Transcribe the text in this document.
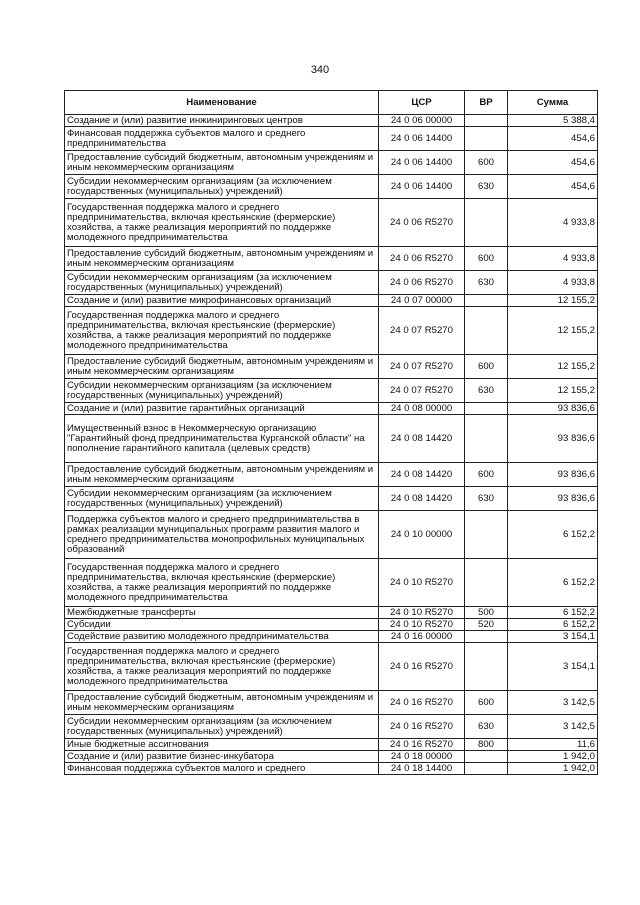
340
Наименование	ЦСР	ВР	Сумма
Создание и (или) развитие инжиниринговых центров	24 0 06 00000		5 388,4
Финансовая поддержка субъектов малого и среднего предпринимательства	24 0 06 14400		454,6
Предоставление субсидий бюджетным, автономным учреждениям и иным некоммерческим организациям	24 0 06 14400	600	454,6
Субсидии некоммерческим организациям (за исключением государственных (муниципальных) учреждений)	24 0 06 14400	630	454,6
Государственная поддержка малого и среднего предпринимательства, включая крестьянские (фермерские) хозяйства, а также реализация мероприятий по поддержке молодежного предпринимательства	24 0 06 R5270		4 933,8
Предоставление субсидий бюджетным, автономным учреждениям и иным некоммерческим организациям	24 0 06 R5270	600	4 933,8
Субсидии некоммерческим организациям (за исключением государственных (муниципальных) учреждений)	24 0 06 R5270	630	4 933,8
Создание и (или) развитие микрофинансовых организаций	24 0 07 00000		12 155,2
Государственная поддержка малого и среднего предпринимательства, включая крестьянские (фермерские) хозяйства, а также реализация мероприятий по поддержке молодежного предпринимательства	24 0 07 R5270		12 155,2
Предоставление субсидий бюджетным, автономным учреждениям и иным некоммерческим организациям	24 0 07 R5270	600	12 155,2
Субсидии некоммерческим организациям (за исключением государственных (муниципальных) учреждений)	24 0 07 R5270	630	12 155,2
Создание и (или) развитие гарантийных организаций	24 0 08 00000		93 836,6
Имущественный взнос в Некоммерческую организацию "Гарантийный фонд предпринимательства Курганской области" на пополнение гарантийного капитала (целевых средств)	24 0 08 14420		93 836,6
Предоставление субсидий бюджетным, автономным учреждениям и иным некоммерческим организациям	24 0 08 14420	600	93 836,6
Субсидии некоммерческим организациям (за исключением государственных (муниципальных) учреждений)	24 0 08 14420	630	93 836,6
Поддержка субъектов малого и среднего предпринимательства в рамках реализации муниципальных программ развития малого и среднего предпринимательства монопрофильных муниципальных образований	24 0 10 00000		6 152,2
Государственная поддержка малого и среднего предпринимательства, включая крестьянские (фермерские) хозяйства, а также реализация мероприятий по поддержке молодежного предпринимательства	24 0 10 R5270		6 152,2
Межбюджетные трансферты	24 0 10 R5270	500	6 152,2
Субсидии	24 0 10 R5270	520	6 152,2
Содействие развитию молодежного предпринимательства	24 0 16 00000		3 154,1
Государственная поддержка малого и среднего предпринимательства, включая крестьянские (фермерские) хозяйства, а также реализация мероприятий по поддержке молодежного предпринимательства	24 0 16 R5270		3 154,1
Предоставление субсидий бюджетным, автономным учреждениям и иным некоммерческим организациям	24 0 16 R5270	600	3 142,5
Субсидии некоммерческим организациям (за исключением государственных (муниципальных) учреждений)	24 0 16 R5270	630	3 142,5
Иные бюджетные ассигнования	24 0 16 R5270	800	11,6
Создание и (или) развитие бизнес-инкубатора	24 0 18 00000		1 942,0
Финансовая поддержка субъектов малого и среднего	24 0 18 14400		1 942,0
